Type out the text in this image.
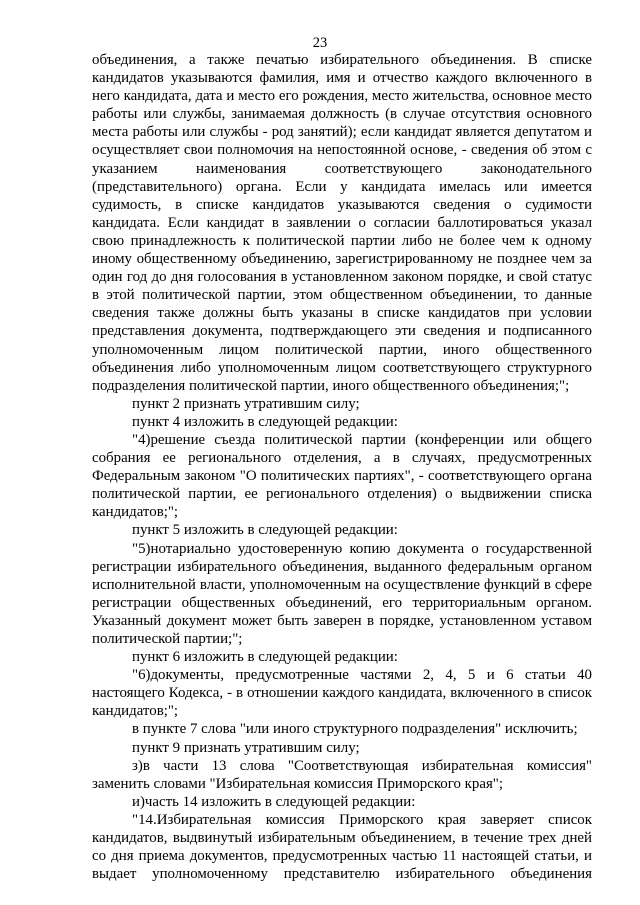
23

объединения, а также печатью избирательного объединения. В списке кандидатов указываются фамилия, имя и отчество каждого включенного в него кандидата, дата и место его рождения, место жительства, основное место работы или службы, занимаемая должность (в случае отсутствия основного места работы или службы - род занятий); если кандидат является депутатом и осуществляет свои полномочия на непостоянной основе, - сведения об этом с указанием наименования соответствующего законодательного (представительного) органа. Если у кандидата имелась или имеется судимость, в списке кандидатов указываются сведения о судимости кандидата. Если кандидат в заявлении о согласии баллотироваться указал свою принадлежность к политической партии либо не более чем к одному иному общественному объединению, зарегистрированному не позднее чем за один год до дня голосования в установленном законом порядке, и свой статус в этой политической партии, этом общественном объединении, то данные сведения также должны быть указаны в списке кандидатов при условии представления документа, подтверждающего эти сведения и подписанного уполномоченным лицом политической партии, иного общественного объединения либо уполномоченным лицом соответствующего структурного подразделения политической партии, иного общественного объединения;";

пункт 2 признать утратившим силу;

пункт 4 изложить в следующей редакции:

"4)решение съезда политической партии (конференции или общего собрания ее регионального отделения, а в случаях, предусмотренных Федеральным законом "О политических партиях", - соответствующего органа политической партии, ее регионального отделения) о выдвижении списка кандидатов;";

пункт 5 изложить в следующей редакции:

"5)нотариально удостоверенную копию документа о государственной регистрации избирательного объединения, выданного федеральным органом исполнительной власти, уполномоченным на осуществление функций в сфере регистрации общественных объединений, его территориальным органом. Указанный документ может быть заверен в порядке, установленном уставом политической партии;";

пункт 6 изложить в следующей редакции:

"6)документы, предусмотренные частями 2, 4, 5 и 6 статьи 40 настоящего Кодекса, - в отношении каждого кандидата, включенного в список кандидатов;";

в пункте 7 слова "или иного структурного подразделения" исключить;

пункт 9 признать утратившим силу;

з)в части 13 слова "Соответствующая избирательная комиссия" заменить словами "Избирательная комиссия Приморского края";

и)часть 14 изложить в следующей редакции:

"14.Избирательная комиссия Приморского края заверяет список кандидатов, выдвинутый избирательным объединением, в течение трех дней со дня приема документов, предусмотренных частью 11 настоящей статьи, и выдает уполномоченному представителю избирательного объединения
